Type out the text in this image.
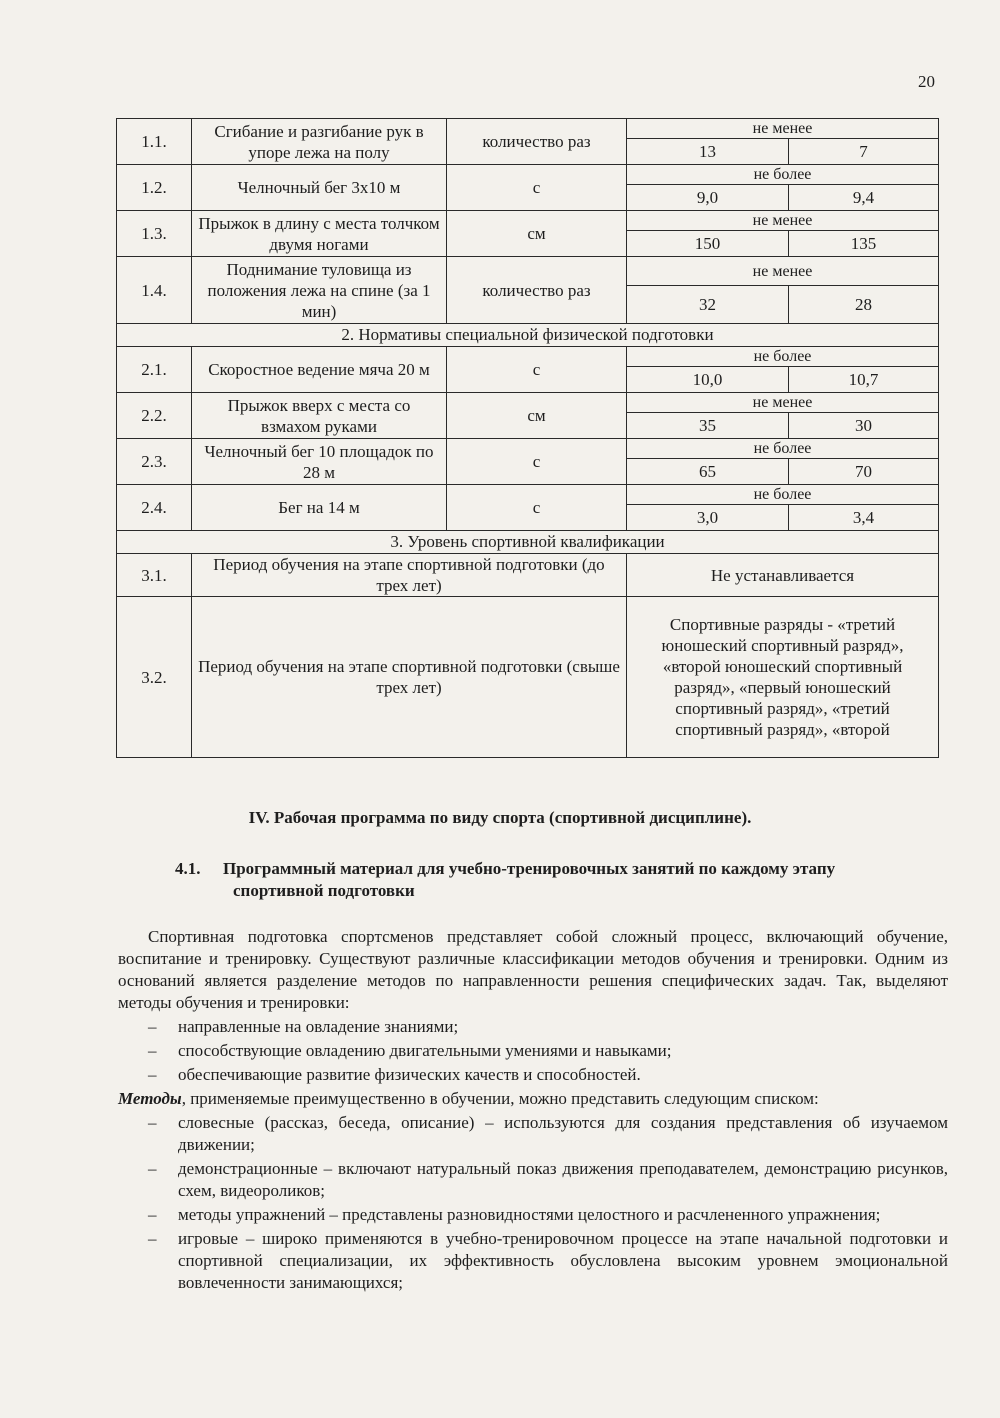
20
1.1.	Сгибание и разгибание рук в упоре лежа на полу	количество раз	не менее	
			13	7
1.2.	Челночный бег 3х10 м	с	не более	
			9,0	9,4
1.3.	Прыжок в длину с места толчком двумя ногами	см	не менее	
			150	135
1.4.	Поднимание туловища из положения лежа на спине (за 1 мин)	количество раз	не менее	
			32	28
2. Нормативы специальной физической подготовки				
2.1.	Скоростное ведение мяча 20 м	с	не более	
			10,0	10,7
2.2.	Прыжок вверх с места со взмахом руками	см	не менее	
			35	30
2.3.	Челночный бег 10 площадок по 28 м	с	не более	
			65	70
2.4.	Бег на 14 м	с	не более	
			3,0	3,4
3. Уровень спортивной квалификации				
3.1.	Период обучения на этапе спортивной подготовки (до трех лет)		Не устанавливается	
3.2.	Период обучения на этапе спортивной подготовки (свыше трех лет)		Спортивные разряды - «третий юношеский спортивный разряд», «второй юношеский спортивный разряд», «первый юношеский спортивный разряд», «третий спортивный разряд», «второй	
IV. Рабочая программа по виду спорта (спортивной дисциплине).
4.1. Программный материал для учебно-тренировочных занятий по каждому этапу
спортивной подготовки

Спортивная подготовка спортсменов представляет собой сложный процесс, включающий обучение, воспитание и тренировку. Существуют различные классификации методов обучения и тренировки. Одним из оснований является разделение методов по направленности решения специфических задач. Так, выделяют методы обучения и тренировки:

– направленные на овладение знаниями;
– способствующие овладению двигательными умениями и навыками;
– обеспечивающие развитие физических качеств и способностей.
Методы, применяемые преимущественно в обучении, можно представить следующим списком:
– словесные (рассказ, беседа, описание) – используются для создания представления об изучаемом движении;
– демонстрационные – включают натуральный показ движения преподавателем, демонстрацию рисунков, схем, видеороликов;
– методы упражнений – представлены разновидностями целостного и расчлененного упражнения;
– игровые – широко применяются в учебно-тренировочном процессе на этапе начальной подготовки и спортивной специализации, их эффективность обусловлена высоким уровнем эмоциональной вовлеченности занимающихся;
